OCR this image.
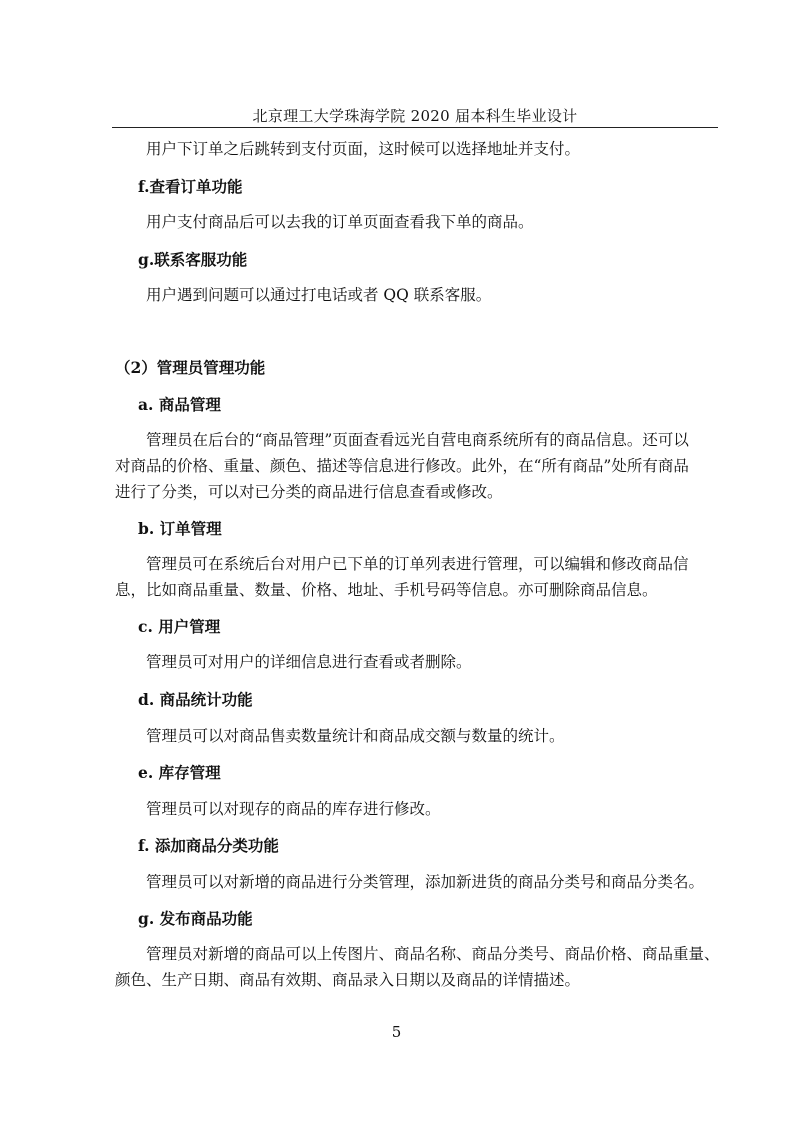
北京理工大学珠海学院 2020 届本科生毕业设计
用户下订单之后跳转到支付页面，这时候可以选择地址并支付。
f.查看订单功能
用户支付商品后可以去我的订单页面查看我下单的商品。
g.联系客服功能
用户遇到问题可以通过打电话或者 QQ 联系客服。
（2）管理员管理功能
a. 商品管理
管理员在后台的“商品管理”页面查看远光自营电商系统所有的商品信息。还可以
对商品的价格、重量、颜色、描述等信息进行修改。此外，在“所有商品”处所有商品
进行了分类，可以对已分类的商品进行信息查看或修改。
b. 订单管理
管理员可在系统后台对用户已下单的订单列表进行管理，可以编辑和修改商品信
息，比如商品重量、数量、价格、地址、手机号码等信息。亦可删除商品信息。
c. 用户管理
管理员可对用户的详细信息进行查看或者删除。
d. 商品统计功能
管理员可以对商品售卖数量统计和商品成交额与数量的统计。
e. 库存管理
管理员可以对现存的商品的库存进行修改。
f. 添加商品分类功能
管理员可以对新增的商品进行分类管理，添加新进货的商品分类号和商品分类名。
g. 发布商品功能
管理员对新增的商品可以上传图片、商品名称、商品分类号、商品价格、商品重量、
颜色、生产日期、商品有效期、商品录入日期以及商品的详情描述。
5
